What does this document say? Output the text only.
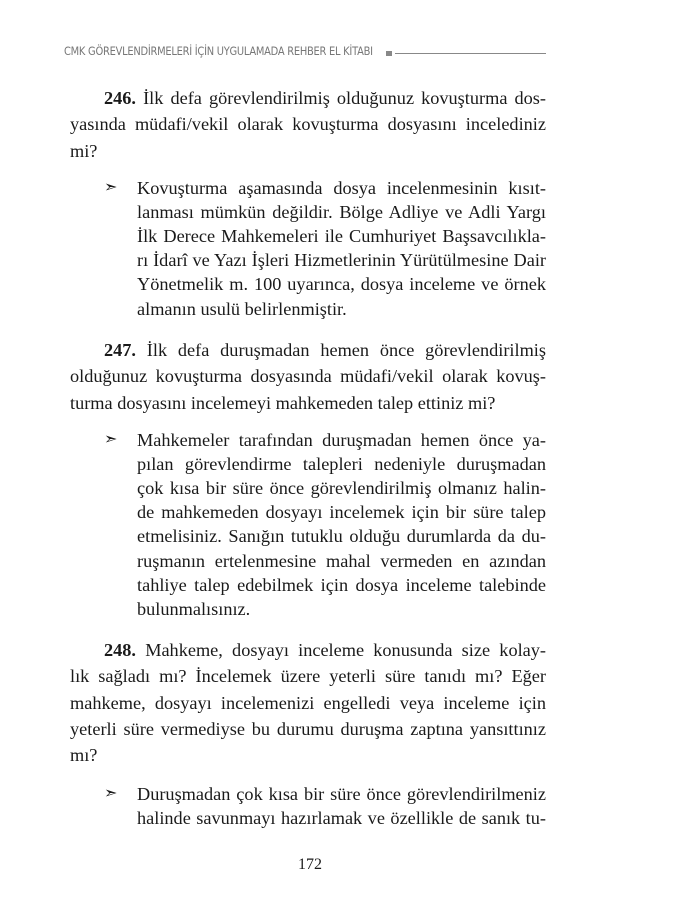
CMK GÖREVLENDİRMELERİ İÇİN UYGULAMADA REHBER EL KİTABI
246. İlk defa görevlendirilmiş olduğunuz kovuşturma dos-
yasında müdafi/vekil olarak kovuşturma dosyasını incelediniz
mi?
➣ Kovuşturma aşamasında dosya incelenmesinin kısıt-
lanması mümkün değildir. Bölge Adliye ve Adli Yargı
İlk Derece Mahkemeleri ile Cumhuriyet Başsavcılıkla-
rı İdarî ve Yazı İşleri Hizmetlerinin Yürütülmesine Dair
Yönetmelik m. 100 uyarınca, dosya inceleme ve örnek
almanın usulü belirlenmiştir.
247. İlk defa duruşmadan hemen önce görevlendirilmiş
olduğunuz kovuşturma dosyasında müdafi/vekil olarak kovuş-
turma dosyasını incelemeyi mahkemeden talep ettiniz mi?
➣ Mahkemeler tarafından duruşmadan hemen önce ya-
pılan görevlendirme talepleri nedeniyle duruşmadan
çok kısa bir süre önce görevlendirilmiş olmanız halin-
de mahkemeden dosyayı incelemek için bir süre talep
etmelisiniz. Sanığın tutuklu olduğu durumlarda da du-
ruşmanın ertelenmesine mahal vermeden en azından
tahliye talep edebilmek için dosya inceleme talebinde
bulunmalısınız.
248. Mahkeme, dosyayı inceleme konusunda size kolay-
lık sağladı mı? İncelemek üzere yeterli süre tanıdı mı? Eğer
mahkeme, dosyayı incelemenizi engelledi veya inceleme için
yeterli süre vermediyse bu durumu duruşma zaptına yansıttınız
mı?
➣ Duruşmadan çok kısa bir süre önce görevlendirilmeniz
halinde savunmayı hazırlamak ve özellikle de sanık tu-
172
